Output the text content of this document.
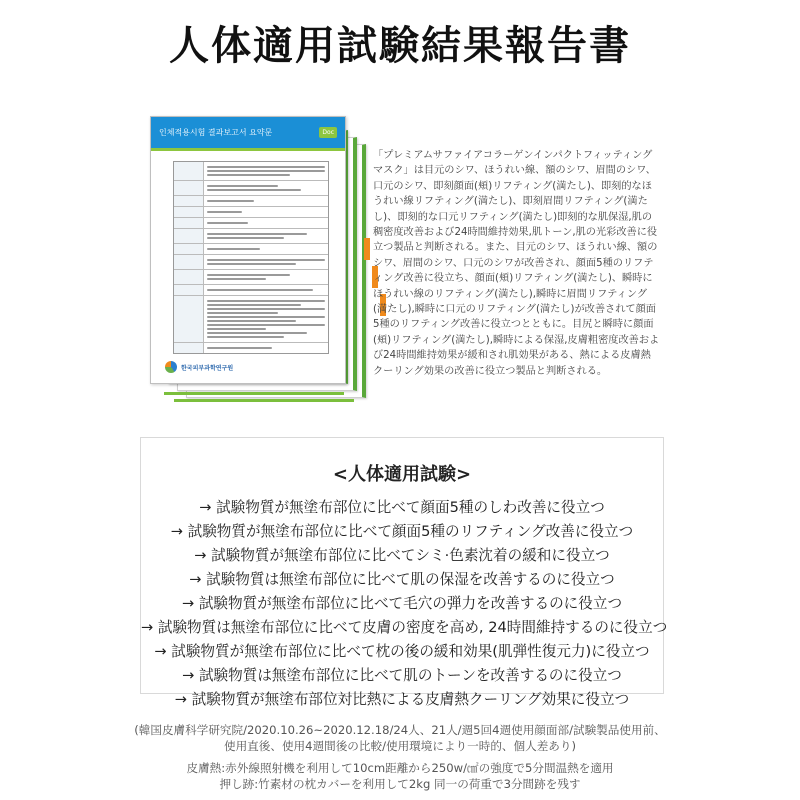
人体適用試験結果報告書
인체적용시험 결과보고서 요약문	Doc
한국피부과학연구원
「プレミアムサファイアコラーゲンインパクトフィッティングマスク」は目元のシワ、ほうれい線、額のシワ、眉間のシワ、口元のシワ、即刻顔面(頬)リフティング(満たし)、即刻的なほうれい線リフティング(満たし)、即刻眉間リフティング(満たし)、即刻的な口元リフティング(満たし)即刻的な肌保湿,肌の稠密度改善および24時間維持効果,肌トーン,肌の光彩改善に役立つ製品と判断される。また、目元のシワ、ほうれい線、額のシワ、眉間のシワ、口元のシワが改善され、顔面5種のリフティング改善に役立ち、顔面(頬)リフティング(満たし)、瞬時にほうれい線のリフティング(満たし),瞬時に眉間リフティング(満たし),瞬時に口元のリフティング(満たし)が改善されて顔面5種のリフティング改善に役立つとともに。目尻と瞬時に顔面(頬)リフティング(満たし),瞬時による保湿,皮膚粗密度改善および24時間維持効果が緩和され肌効果がある、熱による皮膚熱クーリング効果の改善に役立つ製品と判断される。
<人体適用試験>
→ 試験物質が無塗布部位に比べて顔面5種のしわ改善に役立つ
→ 試験物質が無塗布部位に比べて顔面5種のリフティング改善に役立つ
→ 試験物質が無塗布部位に比べてシミ·色素沈着の緩和に役立つ
→ 試験物質は無塗布部位に比べて肌の保湿を改善するのに役立つ
→ 試験物質が無塗布部位に比べて毛穴の弾力を改善するのに役立つ
→ 試験物質は無塗布部位に比べて皮膚の密度を高め, 24時間維持するのに役立つ
→ 試験物質が無塗布部位に比べて枕の後の緩和効果(肌弾性復元力)に役立つ
→ 試験物質は無塗布部位に比べて肌のトーンを改善するのに役立つ
→ 試験物質が無塗布部位対比熱による皮膚熱クーリング効果に役立つ
(韓国皮膚科学研究院/2020.10.26~2020.12.18/24人、21人/週5回4週使用顔面部/試験製品使用前、
使用直後、使用4週間後の比較/使用環境により一時的、個人差あり)
皮膚熱:赤外線照射機を利用して10cm距離から250w/㎠の強度で5分間温熱を適用
押し跡:竹素材の枕カバーを利用して2kg 同一の荷重で3分間跡を残す
